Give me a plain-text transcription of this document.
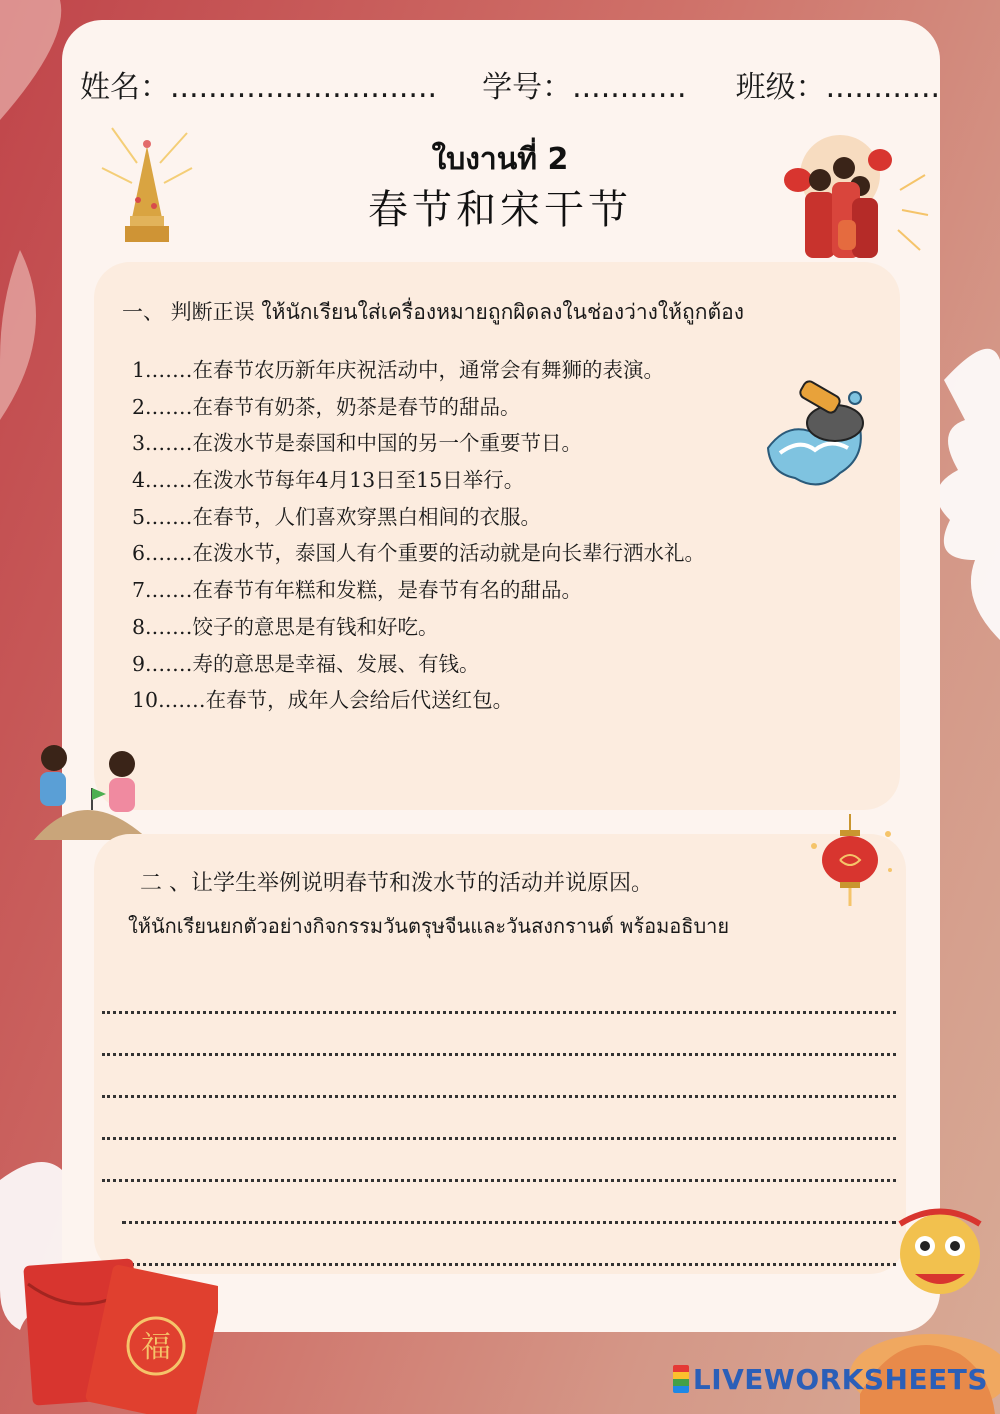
姓名：............................ 学号：............ 班级：............
ใบงานที่ 2
春节和宋干节
一、 判断正误 ให้นักเรียนใส่เครื่องหมายถูกผิดลงในช่องว่างให้ถูกต้อง
1.……在春节农历新年庆祝活动中，通常会有舞狮的表演。
2.……在春节有奶茶，奶茶是春节的甜品。
3.……在泼水节是泰国和中国的另一个重要节日。
4.……在泼水节每年4月13日至15日举行。
5.……在春节，人们喜欢穿黑白相间的衣服。
6.……在泼水节，泰国人有个重要的活动就是向长辈行洒水礼。
7.……在春节有年糕和发糕，是春节有名的甜品。
8.……饺子的意思是有钱和好吃。
9.……寿的意思是幸福、发展、有钱。
10.……在春节，成年人会给后代送红包。
二 、让学生举例说明春节和泼水节的活动并说原因。
ให้นักเรียนยกตัวอย่างกิจกรรมวันตรุษจีนและวันสงกรานต์ พร้อมอธิบาย
福
LIVEWORKSHEETS
